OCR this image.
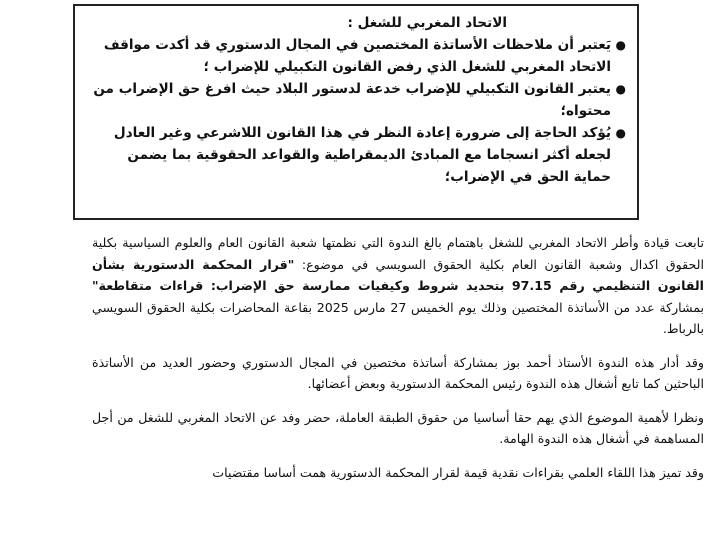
الاتحاد المغربي للشغل :
●
يَعتبر أن ملاحظات الأساتذة المختصين في المجال الدستوري قد أكدت مواقف الاتحاد المغربي للشغل الذي رفض القانون التكبيلي للإضراب ؛
●
يعتبر القانون التكبيلي للإضراب خدعة لدستور البلاد حيث افرغ حق الإضراب من محتواه؛
●
يُؤكد الحاجة إلى ضرورة إعادة النظر في هذا القانون اللاشرعي وغير العادل لجعله أكثر انسجاما مع المبادئ الديمقراطية والقواعد الحقوقية بما يضمن حماية الحق في الإضراب؛

تابعت قيادة وأطر الاتحاد المغربي للشغل باهتمام بالغ الندوة التي نظمتها شعبة القانون العام والعلوم السياسية بكلية الحقوق اكدال وشعبة القانون العام بكلية الحقوق السويسي في موضوع: "قرار المحكمة الدستورية بشأن القانون التنظيمي رقم 97.15 بتحديد شروط وكيفيات ممارسة حق الإضراب: قراءات متقاطعة" بمشاركة عدد من الأساتذة المختصين وذلك يوم الخميس 27 مارس 2025 بقاعة المحاضرات بكلية الحقوق السويسي بالرباط.

وقد أدار هذه الندوة الأستاذ أحمد بوز بمشاركة أساتذة مختصين في المجال الدستوري وحضور العديد من الأساتذة الباحثين كما تابع أشغال هذه الندوة رئيس المحكمة الدستورية وبعض أعضائها.

ونظرا لأهمية الموضوع الذي يهم حقا أساسيا من حقوق الطبقة العاملة، حضر وفد عن الاتحاد المغربي للشغل من أجل المساهمة في أشغال هذه الندوة الهامة.

وقد تميز هذا اللقاء العلمي بقراءات نقدية قيمة لقرار المحكمة الدستورية همت أساسا مقتضيات
